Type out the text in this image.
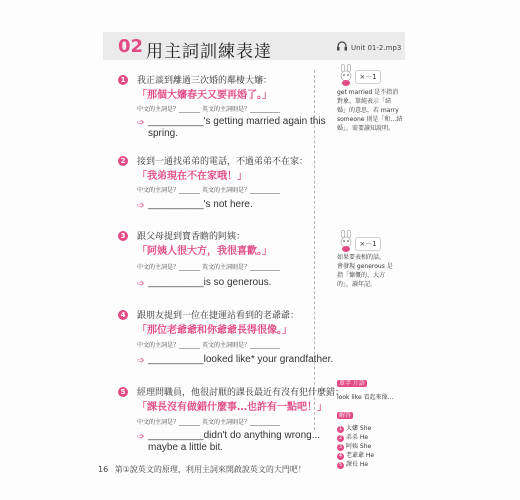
02 用主詞訓練表達	Unit 01-2.mp3
1 我正談到離過三次婚的鄰棲大嬸：
「那個大嬸春天又要再婚了。」
中文的主詞是？_______ 英文的主詞則是？__________
➩ __________'s getting married again this
spring.
2 接到一通找弟弟的電話，不過弟弟不在家：
「我弟現在不在家哦！」
中文的主詞是？_______ 英文的主詞則是？__________
➩ __________'s not here.
3 跟父母提到寶香瞻的阿姨：
「阿姨人很大方，我很喜歡。」
中文的主詞是？_______ 英文的主詞則是？__________
➩ __________is so generous.
4 跟朋友提到一位在捷運站看到的老爺爺：
「那位老爺爺和你爺爺長得很像。」
中文的主詞是？_______ 英文的主詞則是？__________
➩ __________looked like* your grandfather.
5 經理問職員，他很討厭的課長最近有沒有犯什麼錯：
「課長沒有做錯什麼事…也許有一點吧！」
中文的主詞是？_______ 英文的主詞則是？__________
➩ __________didn't do anything wrong...
maybe a little bit.
×－1
get married 是不指消
對象，單純表示「結
婚」的意思，若 marry
someone 則是「和…結
婚」，需要讀知說明。
×－1
如果要表相的話，
會發現 generous 是
指「慷慨的、大方
的」，讀年記。
單字 片語
look like 看起來像…
解答
1 大嬸 She
2 弟弟 He
3 阿姨 She
4 老爺爺 He
5 課長 He
16 第①說英文的原理，利用主詞來開啟說英文的大門吧！
